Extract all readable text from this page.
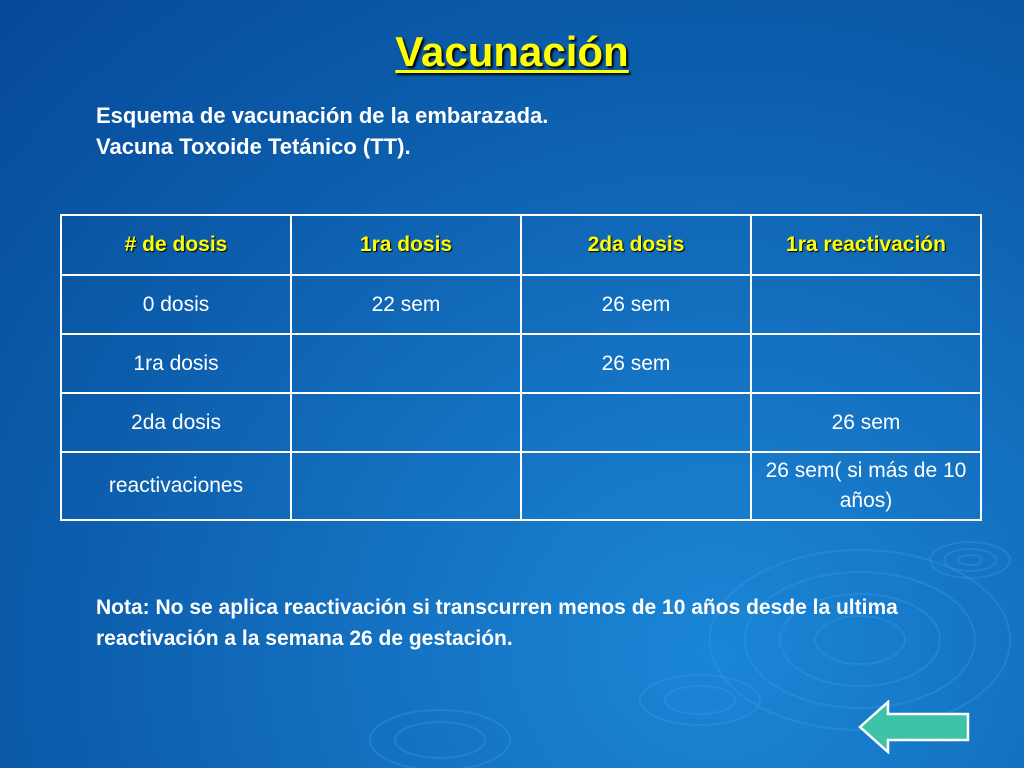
Vacunación
Esquema de vacunación de la embarazada.
Vacuna Toxoide Tetánico (TT).
# de dosis	1ra dosis	2da dosis	1ra reactivación
0 dosis	22 sem	26 sem	
1ra dosis		26 sem	
2da dosis			26 sem
reactivaciones			26 sem( si más de 10 años)
Nota: No se aplica reactivación si transcurren menos de 10 años desde la ultima reactivación a la semana 26 de gestación.
